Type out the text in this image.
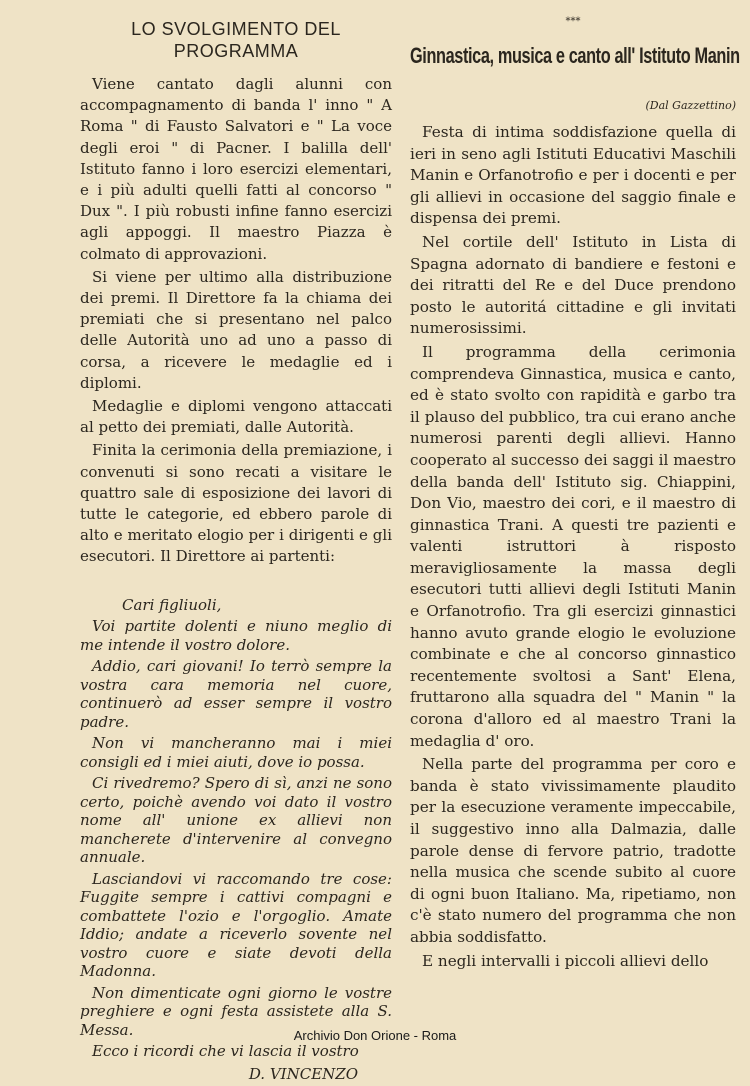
LO SVOLGIMENTO DEL PROGRAMMA

Viene cantato dagli alunni con accompagnamento di banda l' inno " A Roma " di Fausto Salvatori e " La voce degli eroi " di Pacner. I balilla dell' Istituto fanno i loro esercizi elementari, e i più adulti quelli fatti al concorso " Dux ". I più robusti infine fanno esercizi agli appoggi. Il maestro Piazza è colmato di approvazioni.

Si viene per ultimo alla distribuzione dei premi. Il Direttore fa la chiama dei premiati che si presentano nel palco delle Autorità uno ad uno a passo di corsa, a ricevere le medaglie ed i diplomi.

Medaglie e diplomi vengono attaccati al petto dei premiati, dalle Autorità.

Finita la cerimonia della premiazione, i convenuti si sono recati a visitare le quattro sale di esposizione dei lavori di tutte le categorie, ed ebbero parole di alto e meritato elogio per i dirigenti e gli esecutori. Il Direttore ai partenti:

Cari figliuoli,

Voi partite dolenti e niuno meglio di me intende il vostro dolore.

Addio, cari giovani! Io terrò sempre la vostra cara memoria nel cuore, continuerò ad esser sempre il vostro padre.

Non vi mancheranno mai i miei consigli ed i miei aiuti, dove io possa.

Ci rivedremo? Spero di sì, anzi ne sono certo, poichè avendo voi dato il vostro nome all' unione ex allievi non mancherete d'intervenire al convegno annuale.

Lasciandovi vi raccomando tre cose: Fuggite sempre i cattivi compagni e combattete l'ozio e l'orgoglio. Amate Iddio; andate a riceverlo sovente nel vostro cuore e siate devoti della Madonna.

Non dimenticate ogni giorno le vostre preghiere e ogni festa assistete alla S. Messa.

Ecco i ricordi che vi lascia il vostro

D. VINCENZO

***
Ginnastica, musica e canto all' Istituto Manin
(Dal Gazzettino)

Festa di intima soddisfazione quella di ieri in seno agli Istituti Educativi Maschili Manin e Orfanotrofio e per i docenti e per gli allievi in occasione del saggio finale e dispensa dei premi.

Nel cortile dell' Istituto in Lista di Spagna adornato di bandiere e festoni e dei ritratti del Re e del Duce prendono posto le autoritá cittadine e gli invitati numerosissimi.

Il programma della cerimonia comprendeva Ginnastica, musica e canto, ed è stato svolto con rapidità e garbo tra il plauso del pubblico, tra cui erano anche numerosi parenti degli allievi. Hanno cooperato al successo dei saggi il maestro della banda dell' Istituto sig. Chiappini, Don Vio, maestro dei cori, e il maestro di ginnastica Trani. A questi tre pazienti e valenti istruttori à risposto meravigliosamente la massa degli esecutori tutti allievi degli Istituti Manin e Orfanotrofio. Tra gli esercizi ginnastici hanno avuto grande elogio le evoluzione combinate e che al concorso ginnastico recentemente svoltosi a Sant' Elena, fruttarono alla squadra del " Manin " la corona d'alloro ed al maestro Trani la medaglia d' oro.

Nella parte del programma per coro e banda è stato vivissimamente plaudito per la esecuzione veramente impeccabile, il suggestivo inno alla Dalmazia, dalle parole dense di fervore patrio, tradotte nella musica che scende subito al cuore di ogni buon Italiano. Ma, ripetiamo, non c'è stato numero del programma che non abbia soddisfatto.

E negli intervalli i piccoli allievi dello

Archivio Don Orione - Roma
